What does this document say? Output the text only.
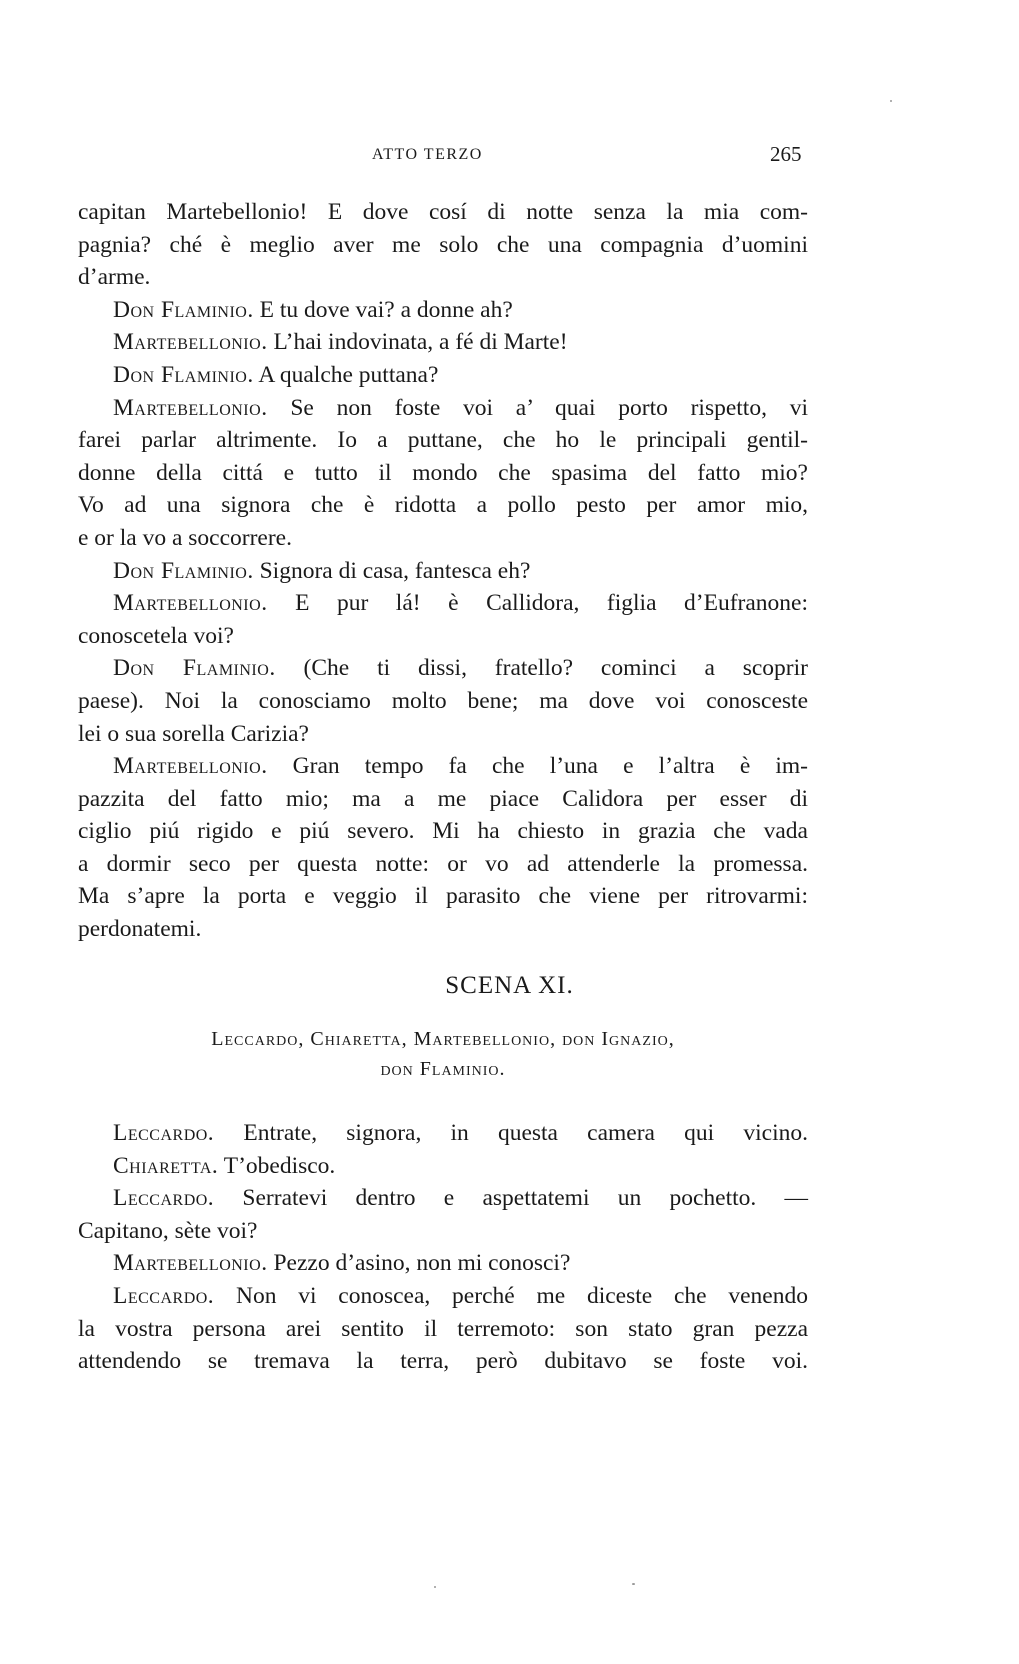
ATTO TERZO	265
capitan Martebellonio! E dove cosí di notte senza la mia com-
pagnia? ché è meglio aver me solo che una compagnia d’uomini
d’arme.
Don Flaminio. E tu dove vai? a donne ah?
Martebellonio. L’hai indovinata, a fé di Marte!
Don Flaminio. A qualche puttana?
Martebellonio. Se non foste voi a’ quai porto rispetto, vi
farei parlar altrimente. Io a puttane, che ho le principali gentil-
donne della cittá e tutto il mondo che spasima del fatto mio?
Vo ad una signora che è ridotta a pollo pesto per amor mio,
e or la vo a soccorrere.
Don Flaminio. Signora di casa, fantesca eh?
Martebellonio. E pur lá! è Callidora, figlia d’Eufranone:
conoscetela voi?
Don Flaminio. (Che ti dissi, fratello? cominci a scoprir
paese). Noi la conosciamo molto bene; ma dove voi conosceste
lei o sua sorella Carizia?
Martebellonio. Gran tempo fa che l’una e l’altra è im-
pazzita del fatto mio; ma a me piace Calidora per esser di
ciglio piú rigido e piú severo. Mi ha chiesto in grazia che vada
a dormir seco per questa notte: or vo ad attenderle la promessa.
Ma s’apre la porta e veggio il parasito che viene per ritrovarmi:
perdonatemi.
SCENA XI.
Leccardo, Chiaretta, Martebellonio, don Ignazio,
don Flaminio.
Leccardo. Entrate, signora, in questa camera qui vicino.
Chiaretta. T’obedisco.
Leccardo. Serratevi dentro e aspettatemi un pochetto. —
Capitano, sète voi?
Martebellonio. Pezzo d’asino, non mi conosci?
Leccardo. Non vi conoscea, perché me diceste che venendo
la vostra persona arei sentito il terremoto: son stato gran pezza
attendendo se tremava la terra, però dubitavo se foste voi.
